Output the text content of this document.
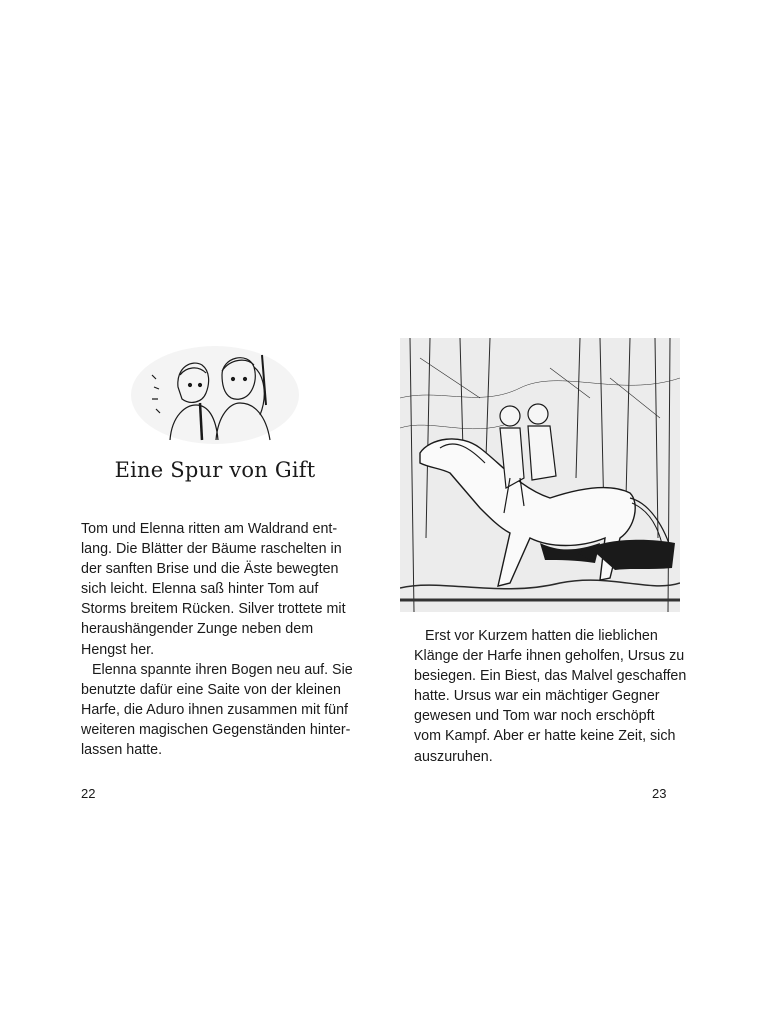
Eine Spur von Gift

Tom und Elenna ritten am Waldrand ent-
lang. Die Blätter der Bäume raschelten in
der sanften Brise und die Äste bewegten
sich leicht. Elenna saß hinter Tom auf
Storms breitem Rücken. Silver trottete mit
heraushängender Zunge neben dem
Hengst her.

Elenna spannte ihren Bogen neu auf. Sie
benutzte dafür eine Saite von der kleinen
Harfe, die Aduro ihnen zusammen mit fünf
weiteren magischen Gegenständen hinter-
lassen hatte.

22

Erst vor Kurzem hatten die lieblichen
Klänge der Harfe ihnen geholfen, Ursus zu
besiegen. Ein Biest, das Malvel geschaffen
hatte. Ursus war ein mächtiger Gegner
gewesen und Tom war noch erschöpft
vom Kampf. Aber er hatte keine Zeit, sich
auszuruhen.

23
